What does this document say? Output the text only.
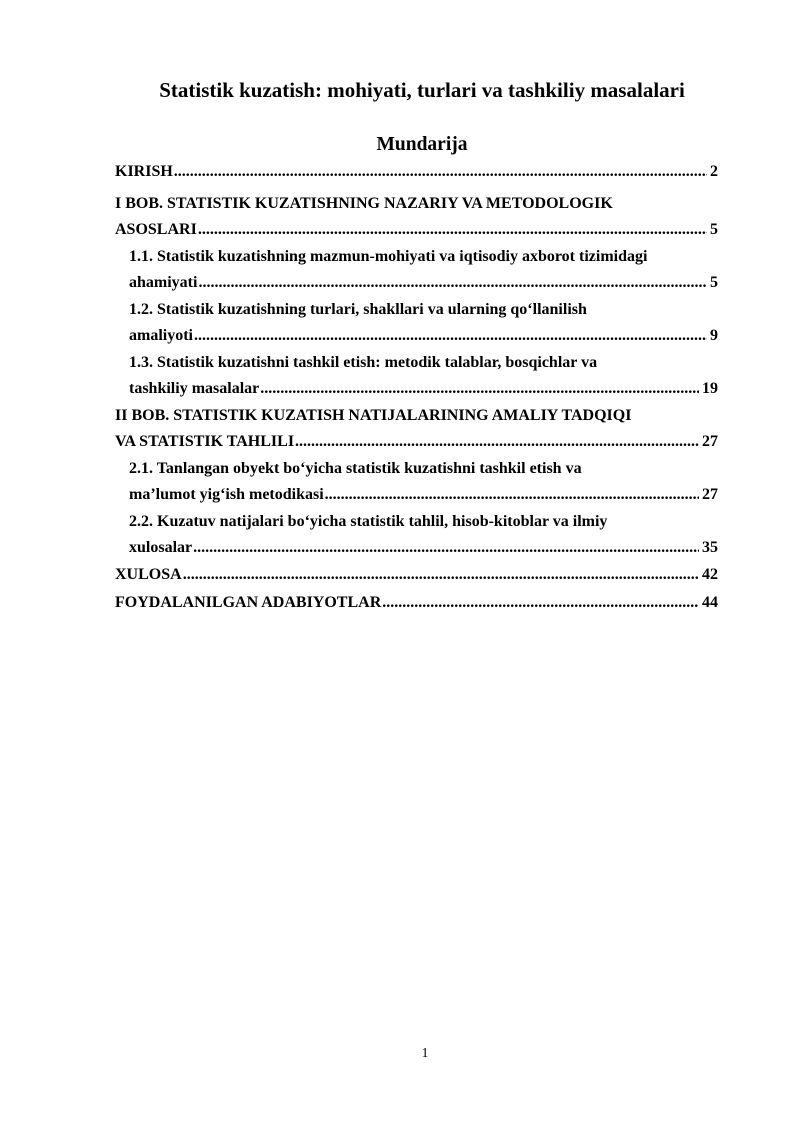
Statistik kuzatish: mohiyati, turlari va tashkiliy masalalari
Mundarija
KIRISH .....	2
I BOB. STATISTIK KUZATISHNING NAZARIY VA METODOLOGIK
ASOSLARI .....	5
1.1. Statistik kuzatishning mazmun-mohiyati va iqtisodiy axborot tizimidagi
ahamiyati .....	5
1.2. Statistik kuzatishning turlari, shakllari va ularning qo‘llanilish
amaliyoti .....	9
1.3. Statistik kuzatishni tashkil etish: metodik talablar, bosqichlar va
tashkiliy masalalar .....	19
II BOB. STATISTIK KUZATISH NATIJALARINING AMALIY TADQIQI
VA STATISTIK TAHLILI .....	27
2.1. Tanlangan obyekt bo‘yicha statistik kuzatishni tashkil etish va
ma’lumot yig‘ish metodikasi .....	27
2.2. Kuzatuv natijalari bo‘yicha statistik tahlil, hisob-kitoblar va ilmiy
xulosalar .....	35
XULOSA .....	42
FOYDALANILGAN ADABIYOTLAR .....	44
1
